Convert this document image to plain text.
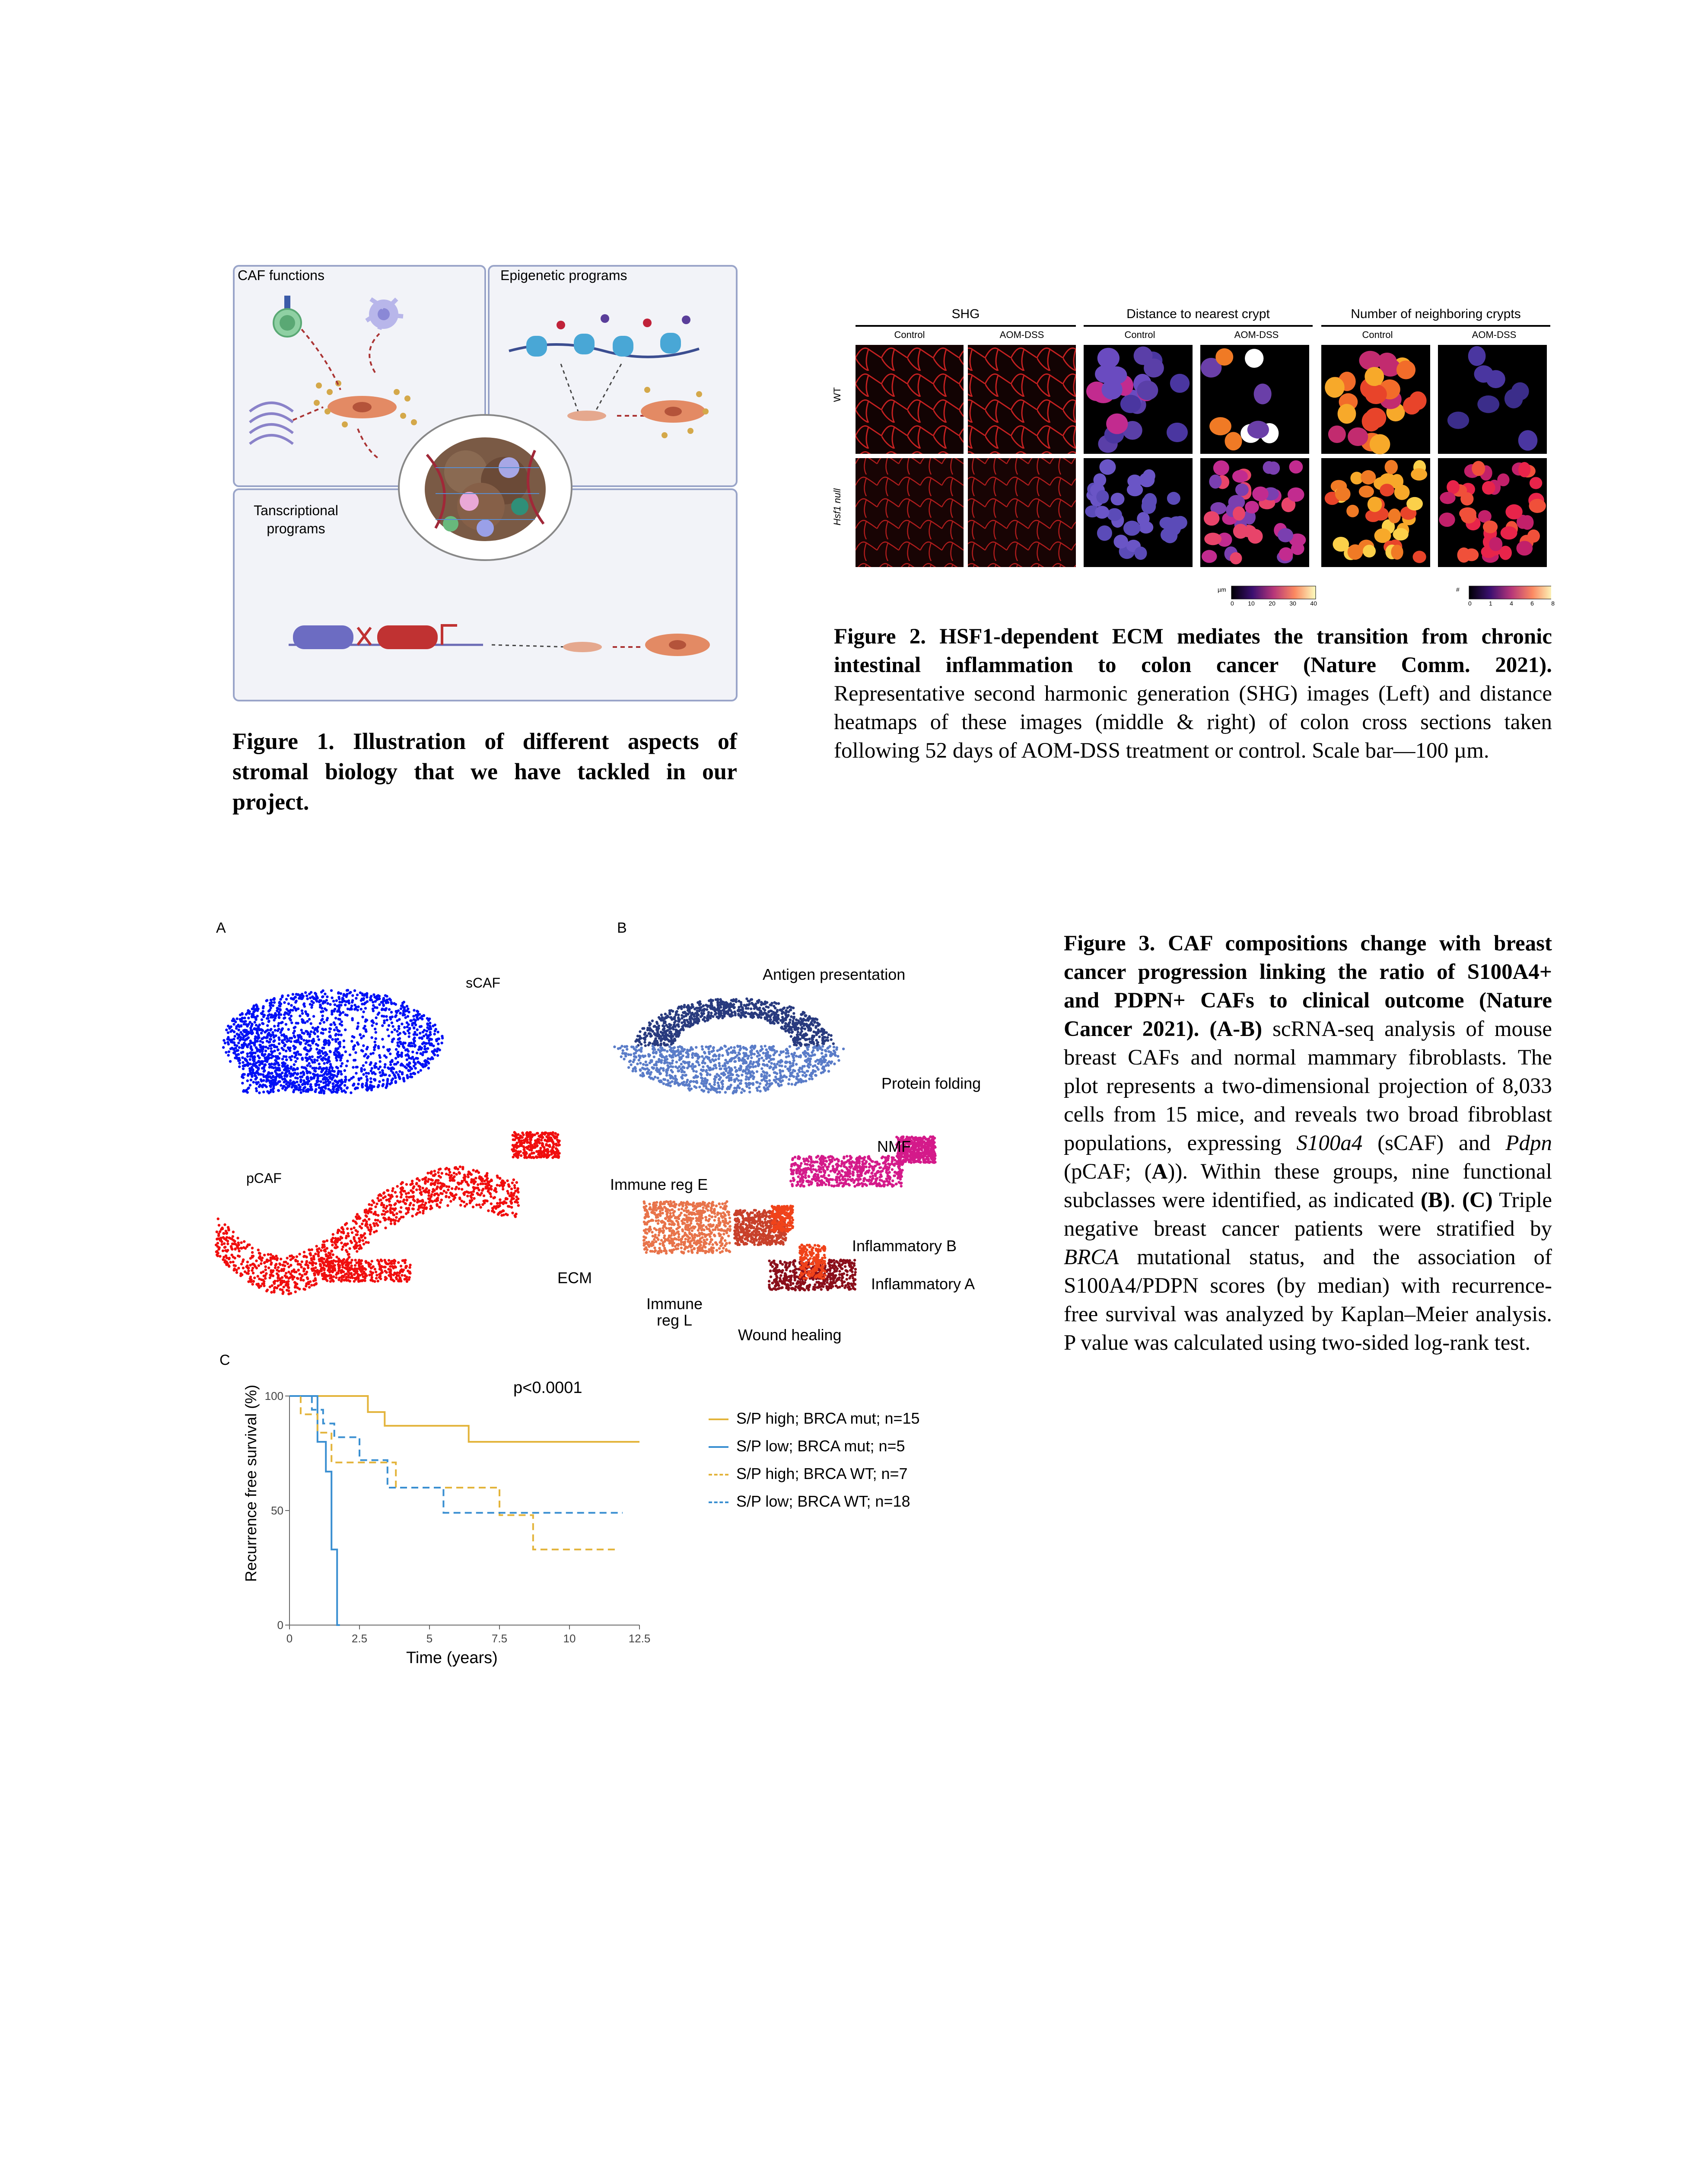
CAF functions	Epigenetic programs
Tanscriptional
programs
Figure 1. Illustration of different aspects of stromal biology that we have tackled in our project.
SHG	Distance to nearest crypt	Number of neighboring crypts
Control	AOM-DSS	Control	AOM-DSS	Control	AOM-DSS
WT
Hsf1 null
µm	#
0 10 20 30 40	0	1	4	6	8
Figure 2. HSF1-dependent ECM mediates the transition from chronic intestinal inflammation to colon cancer (Nature Comm. 2021). Representative second harmonic generation (SHG) images (Left) and distance heatmaps of these images (middle & right) of colon cross sections taken following 52 days of AOM-DSS treatment or control. Scale bar—100 µm.
A	B
C
sCAF
pCAF
Antigen presentation
Protein folding
NMF
Immune reg E
Inflammatory B
Inflammatory A
ECM
Immune reg L
Wound healing
0	2.5	5	7.5	10	12.5
0
50
100
Recurrence free survival (%)
Time (years)
p<0.0001
S/P high; BRCA mut; n=15
S/P low; BRCA mut; n=5
S/P high; BRCA WT; n=7
S/P low; BRCA WT; n=18
Figure 3. CAF compositions change with breast cancer progression linking the ratio of S100A4+ and PDPN+ CAFs to clinical outcome (Nature Cancer 2021). (A-B) scRNA-seq analysis of mouse breast CAFs and normal mammary fibroblasts. The plot represents a two-dimensional projection of 8,033 cells from 15 mice, and reveals two broad fibroblast populations, expressing S100a4 (sCAF) and Pdpn (pCAF; (A)). Within these groups, nine functional subclasses were identified, as indicated (B). (C) Triple negative breast cancer patients were stratified by BRCA mutational status, and the association of S100A4/PDPN scores (by median) with recurrence-free survival was analyzed by Kaplan–Meier analysis. P value was calculated using two-sided log-rank test.
